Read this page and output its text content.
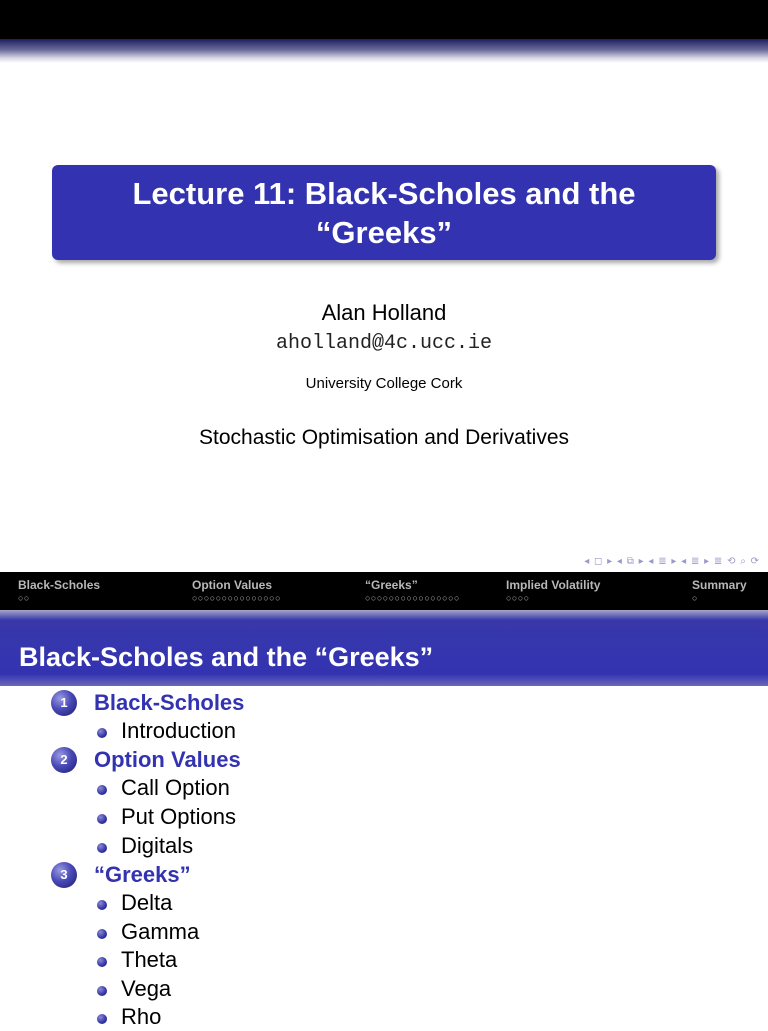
Lecture 11: Black-Scholes and the
“Greeks”
Alan Holland
aholland@4c.ucc.ie
University College Cork
Stochastic Optimisation and Derivatives
◂ ◻ ▸ ◂ ⧉ ▸ ◂ ≣ ▸ ◂ ≣ ▸ ≣ ⟲ ⌕ ⟳
Black-Scholes
○○
Option Values
○○○○○○○○○○○○○○○
“Greeks”
○○○○○○○○○○○○○○○○
Implied Volatility
○○○○
Summary
○
Black-Scholes and the “Greeks”
1	Black-Scholes
Introduction
2	Option Values
Call Option
Put Options
Digitals
3	“Greeks”
Delta
Gamma
Theta
Vega
Rho
